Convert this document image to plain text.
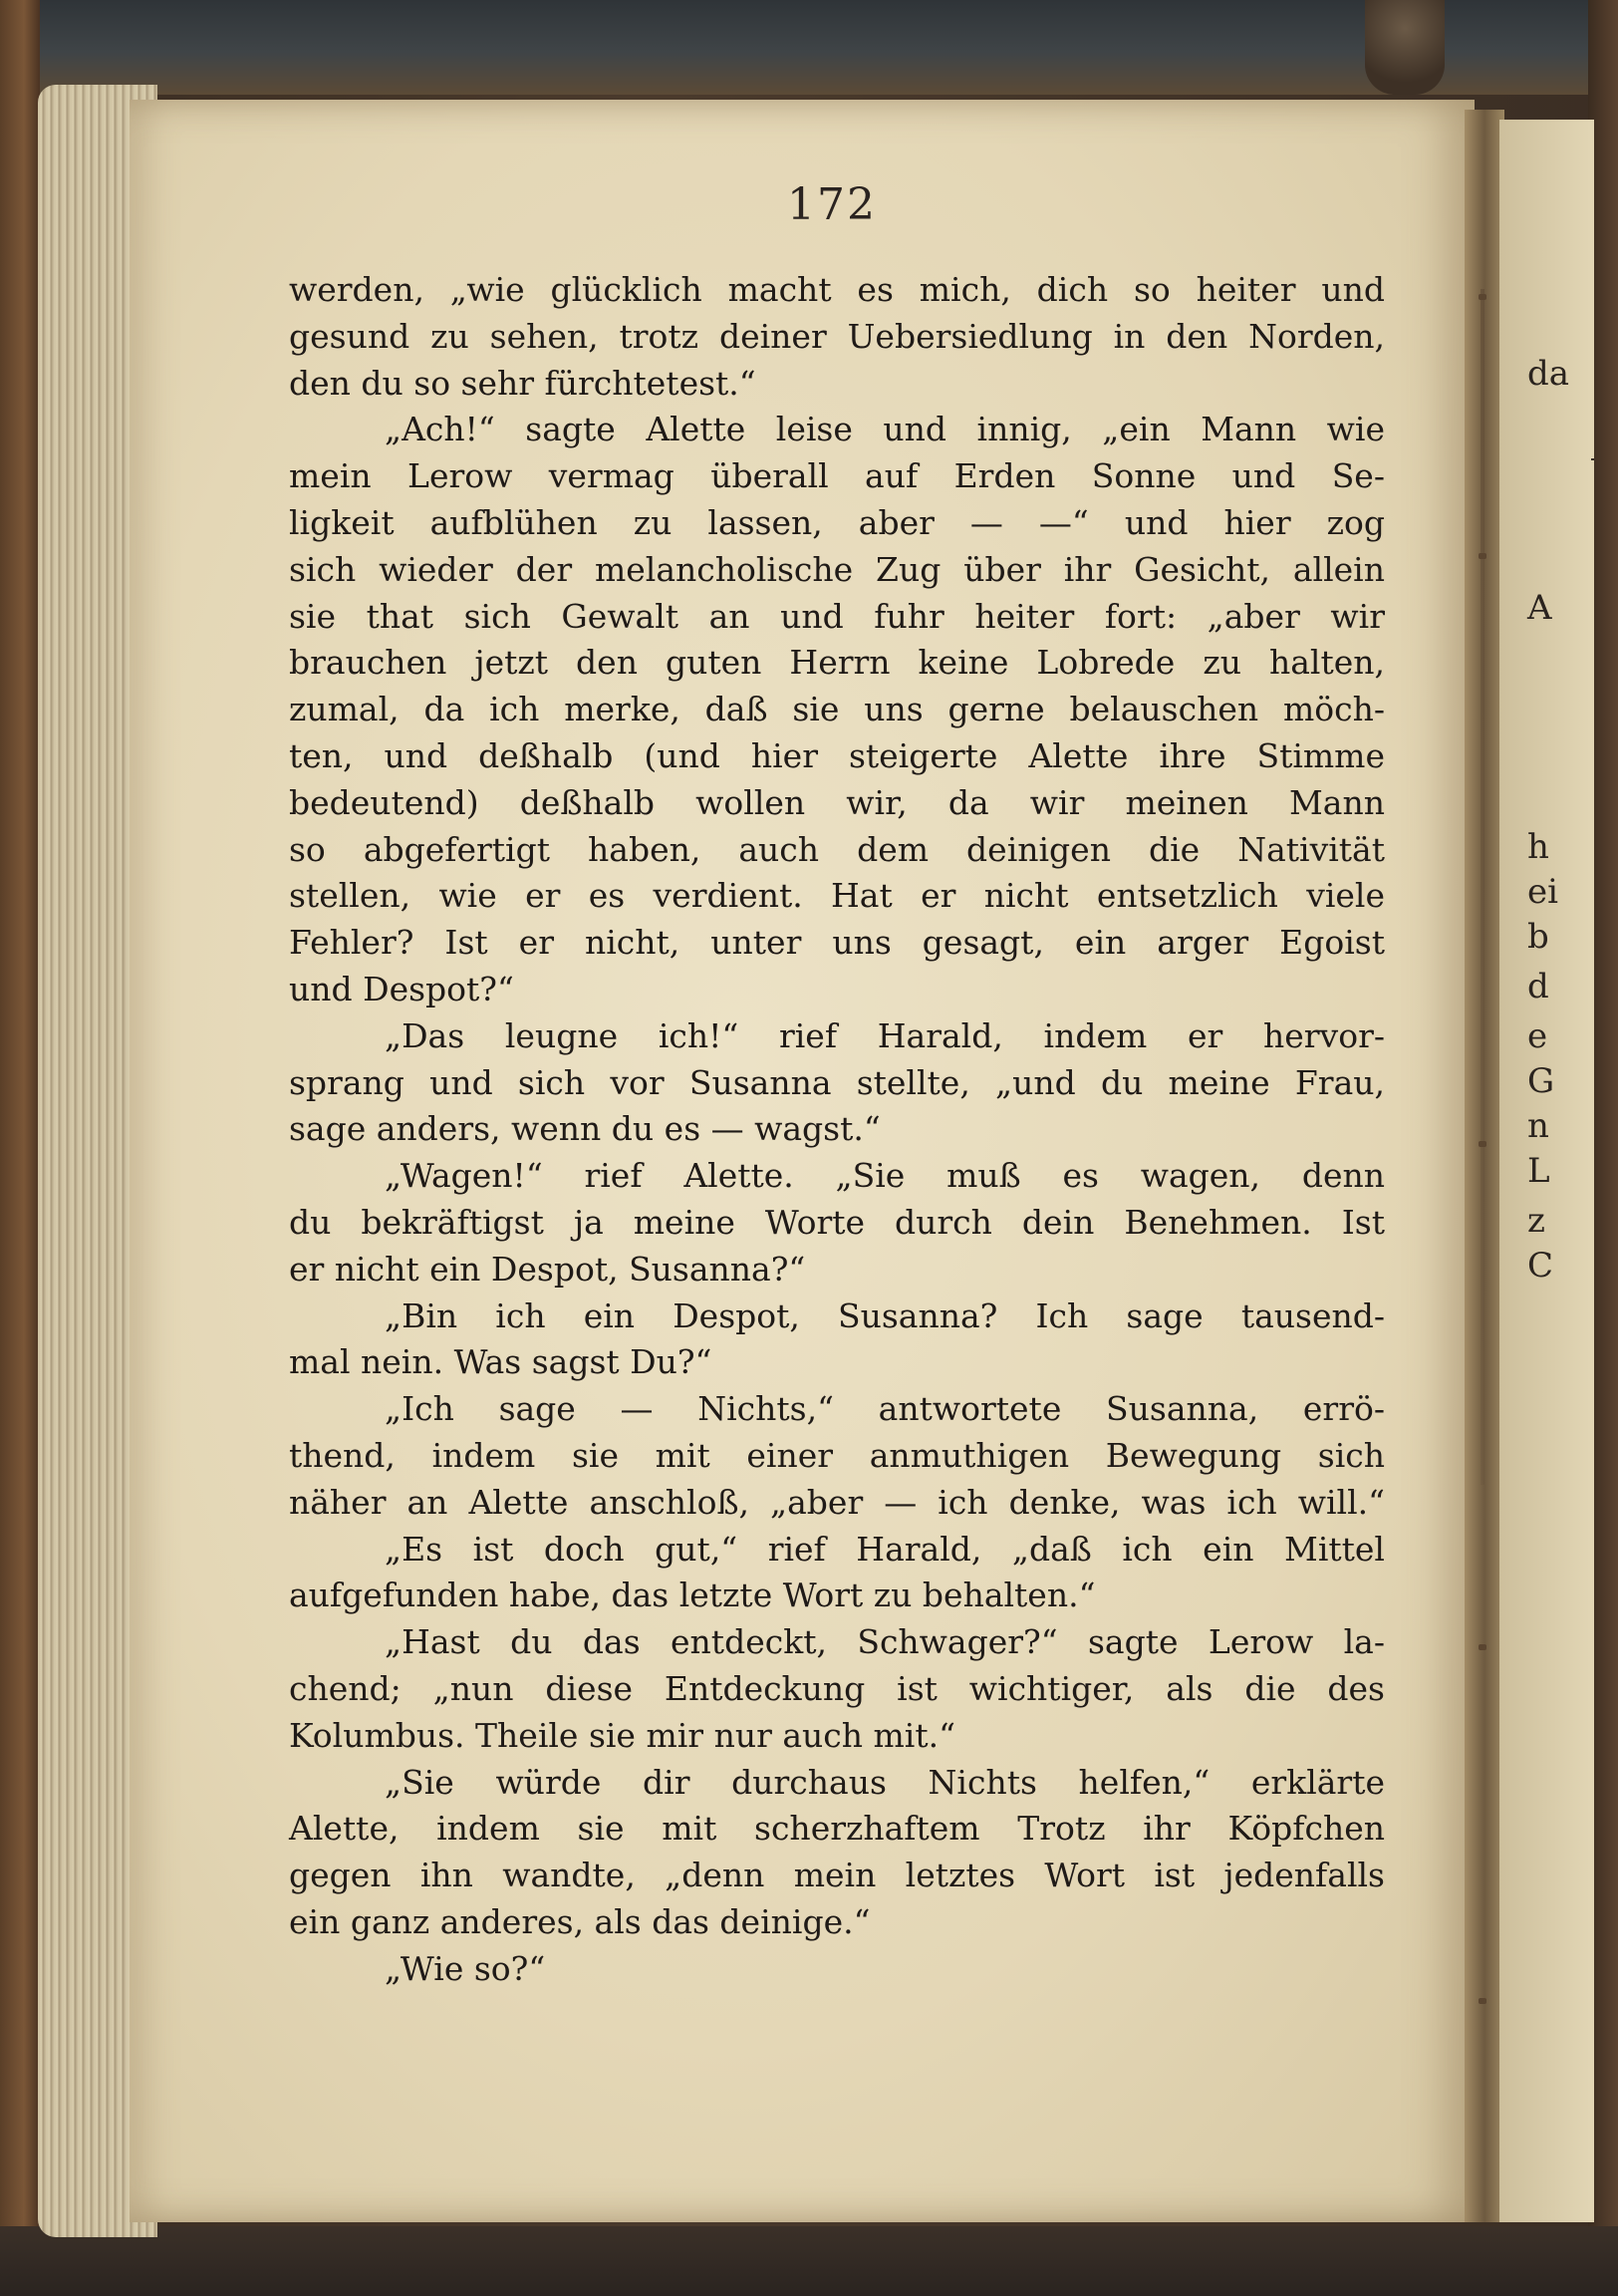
da
A
h
ei
b
d
e
G
n
L
z
C
172
werden, „wie glücklich macht es mich, dich so heiter und
gesund zu sehen, trotz deiner Uebersiedlung in den Norden,
den du so sehr fürchtetest.“
„Ach!“ sagte Alette leise und innig, „ein Mann wie
mein Lerow vermag überall auf Erden Sonne und Se-
ligkeit aufblühen zu lassen, aber — —“ und hier zog
sich wieder der melancholische Zug über ihr Gesicht, allein
sie that sich Gewalt an und fuhr heiter fort: „aber wir
brauchen jetzt den guten Herrn keine Lobrede zu halten,
zumal, da ich merke, daß sie uns gerne belauschen möch-
ten, und deßhalb (und hier steigerte Alette ihre Stimme
bedeutend) deßhalb wollen wir, da wir meinen Mann
so abgefertigt haben, auch dem deinigen die Nativität
stellen, wie er es verdient. Hat er nicht entsetzlich viele
Fehler? Ist er nicht, unter uns gesagt, ein arger Egoist
und Despot?“
„Das leugne ich!“ rief Harald, indem er hervor-
sprang und sich vor Susanna stellte, „und du meine Frau,
sage anders, wenn du es — wagst.“
„Wagen!“ rief Alette. „Sie muß es wagen, denn
du bekräftigst ja meine Worte durch dein Benehmen. Ist
er nicht ein Despot, Susanna?“
„Bin ich ein Despot, Susanna? Ich sage tausend-
mal nein. Was sagst Du?“
„Ich sage — Nichts,“ antwortete Susanna, errö-
thend, indem sie mit einer anmuthigen Bewegung sich
näher an Alette anschloß, „aber — ich denke, was ich will.“
„Es ist doch gut,“ rief Harald, „daß ich ein Mittel
aufgefunden habe, das letzte Wort zu behalten.“
„Hast du das entdeckt, Schwager?“ sagte Lerow la-
chend; „nun diese Entdeckung ist wichtiger, als die des
Kolumbus. Theile sie mir nur auch mit.“
„Sie würde dir durchaus Nichts helfen,“ erklärte
Alette, indem sie mit scherzhaftem Trotz ihr Köpfchen
gegen ihn wandte, „denn mein letztes Wort ist jedenfalls
ein ganz anderes, als das deinige.“
„Wie so?“
